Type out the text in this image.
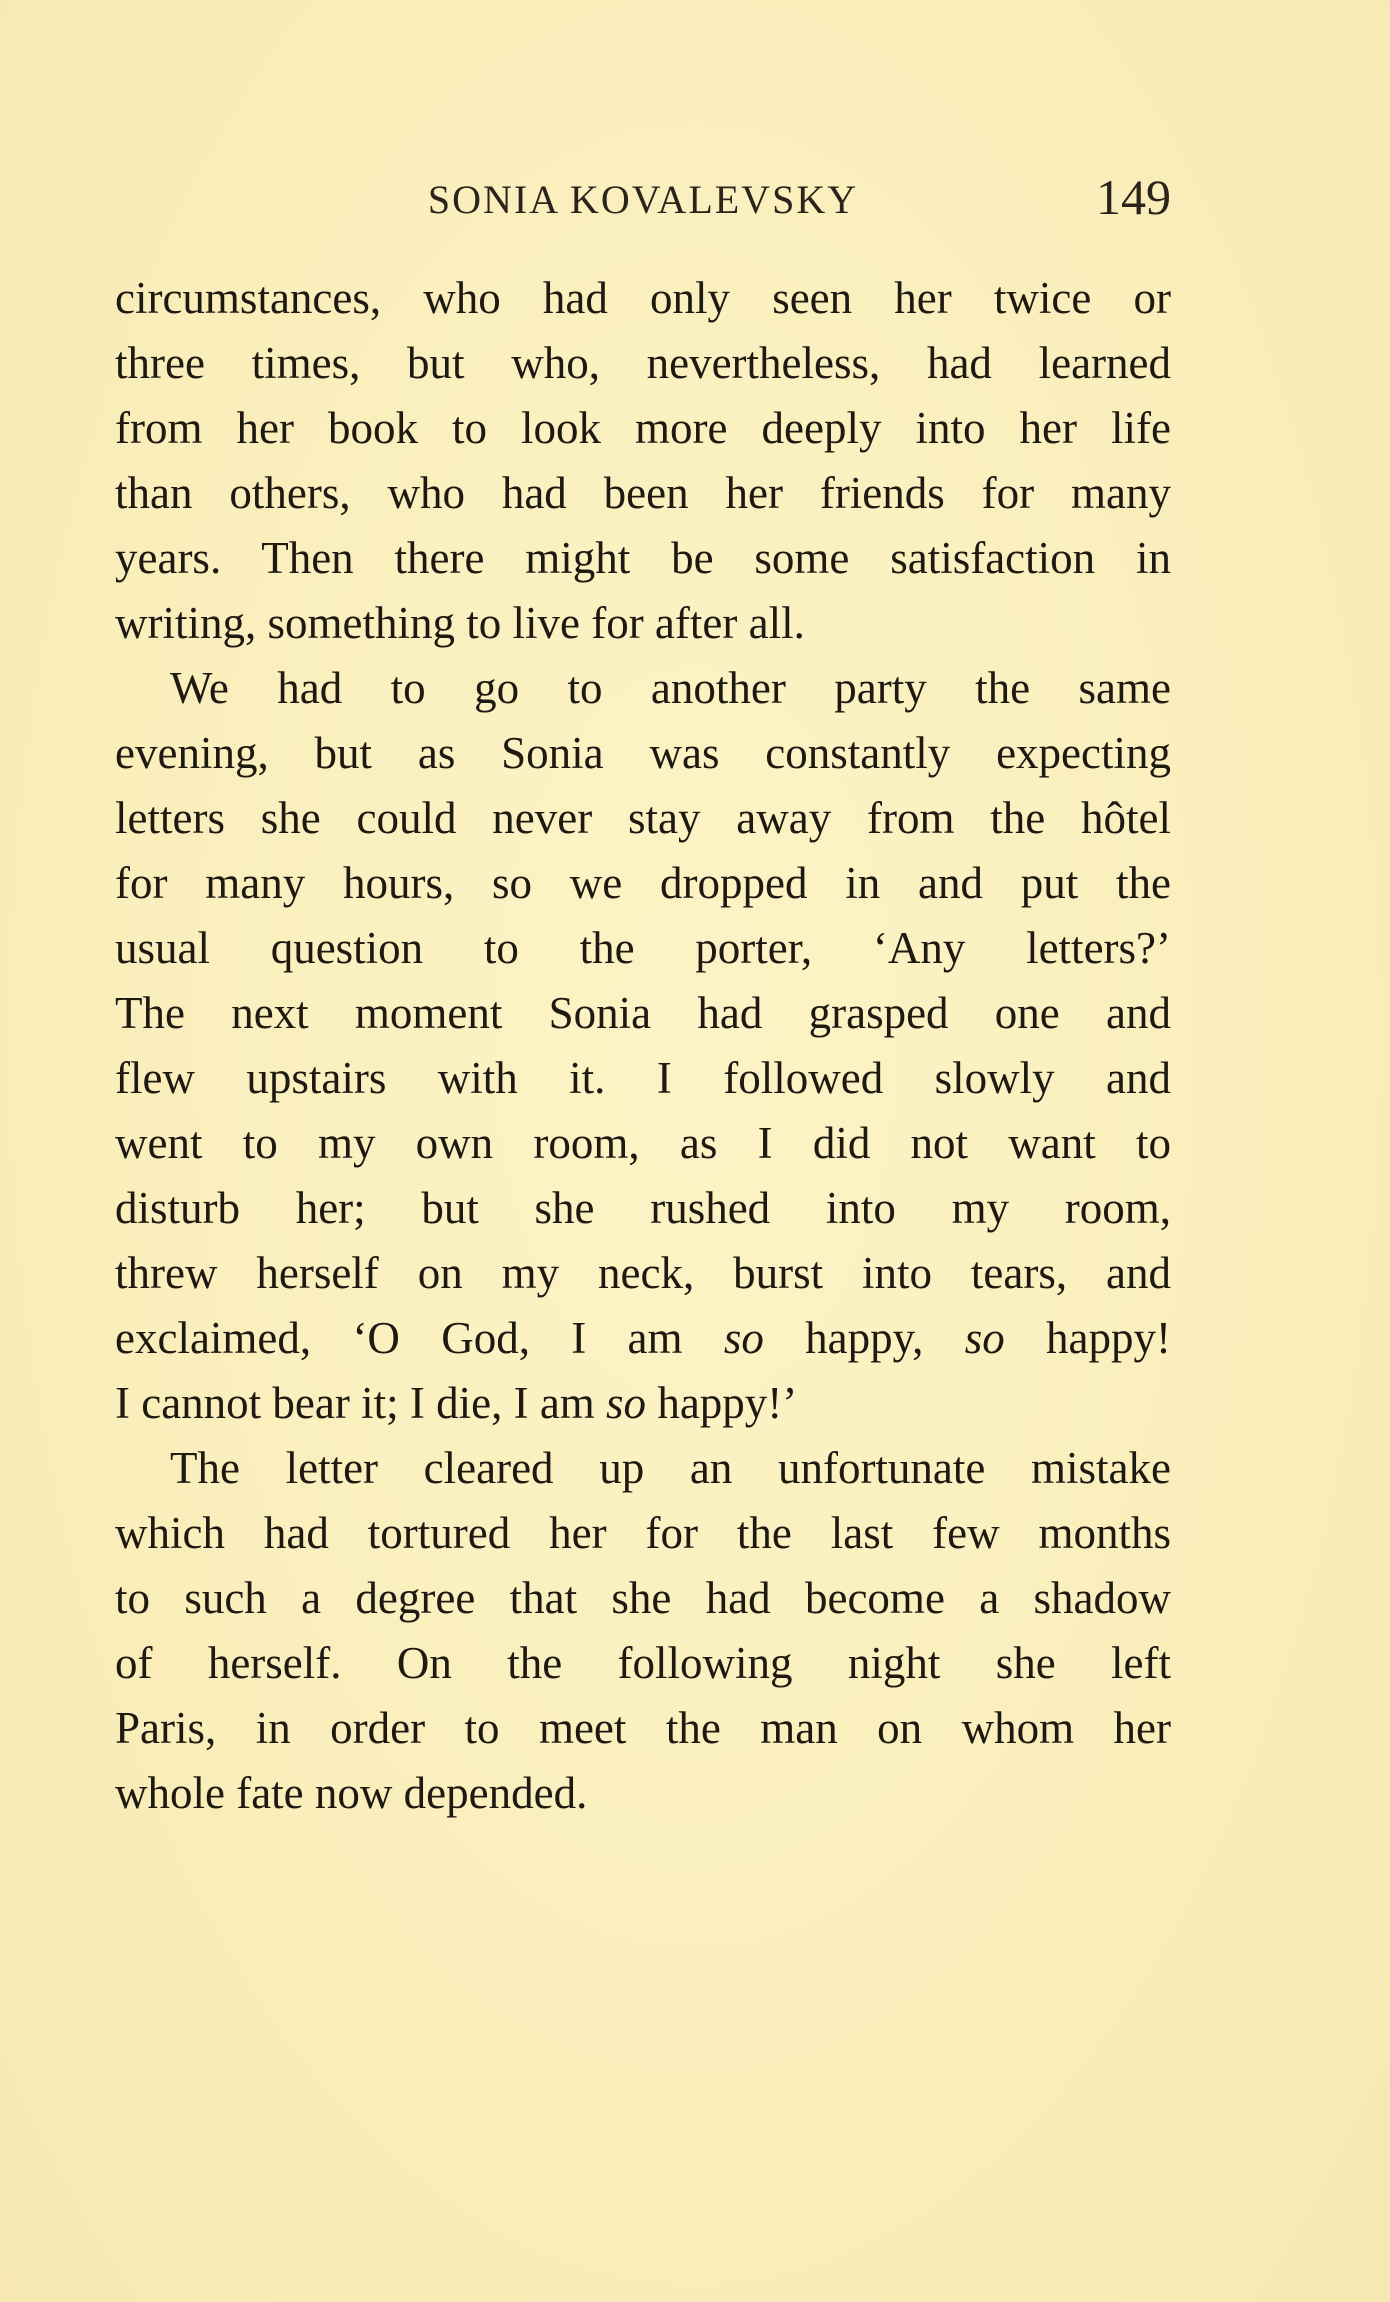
SONIA KOVALEVSKY	149
circumstances, who had only seen her twice or
three times, but who, nevertheless, had learned
from her book to look more deeply into her life
than others, who had been her friends for many
years. Then there might be some satisfaction in
writing, something to live for after all.
We had to go to another party the same
evening, but as Sonia was constantly expecting
letters she could never stay away from the hôtel
for many hours, so we dropped in and put the
usual question to the porter, ‘Any letters?’
The next moment Sonia had grasped one and
flew upstairs with it. I followed slowly and
went to my own room, as I did not want to
disturb her; but she rushed into my room,
threw herself on my neck, burst into tears, and
exclaimed, ‘O God, I am so happy, so happy!
I cannot bear it; I die, I am so happy!’
The letter cleared up an unfortunate mistake
which had tortured her for the last few months
to such a degree that she had become a shadow
of herself. On the following night she left
Paris, in order to meet the man on whom her
whole fate now depended.
